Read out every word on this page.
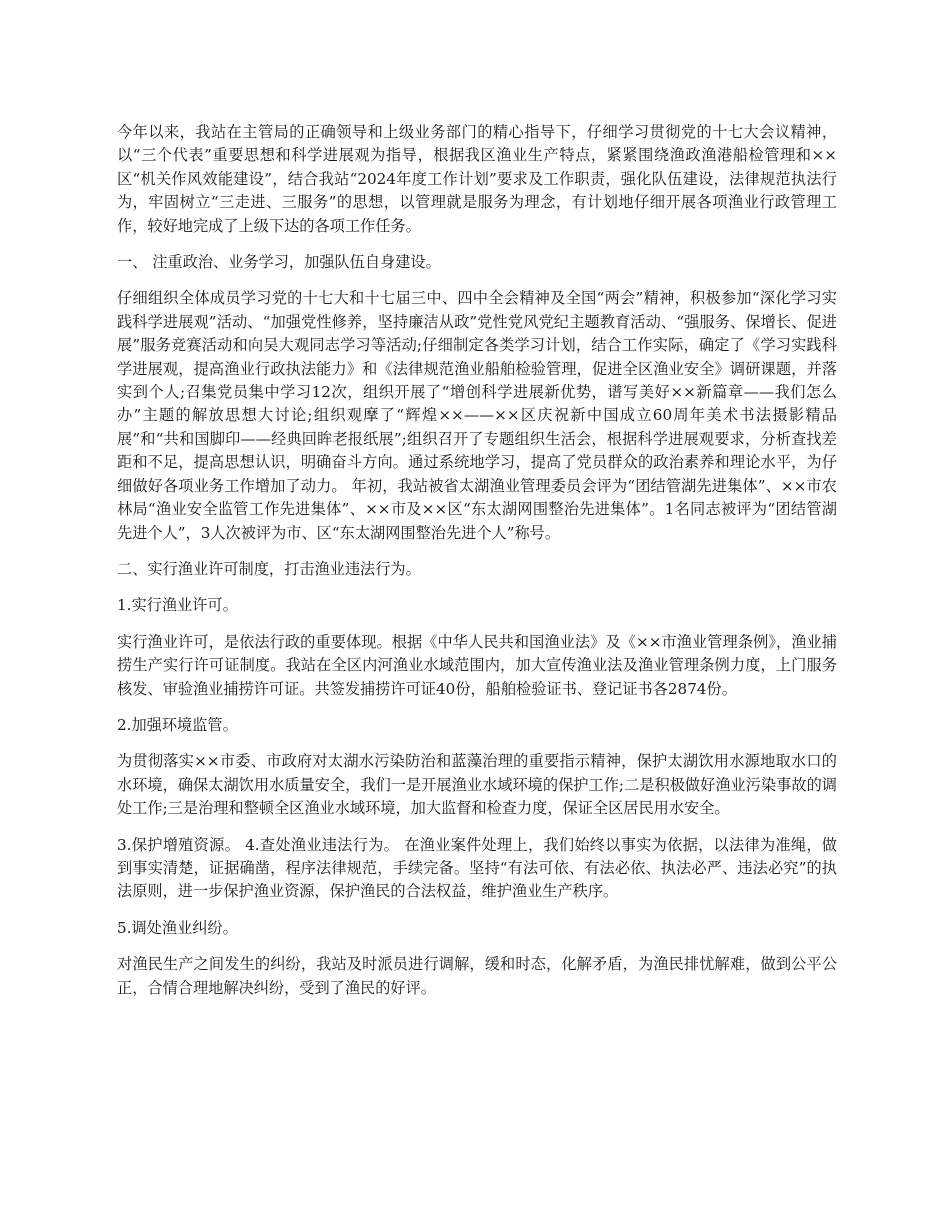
今年以来，我站在主管局的正确领导和上级业务部门的精心指导下，仔细学习贯彻党的十七大会议精神，以“三个代表”重要思想和科学进展观为指导，根据我区渔业生产特点，紧紧围绕渔政渔港船检管理和××区“机关作风效能建设”，结合我站“2024年度工作计划”要求及工作职责，强化队伍建设，法律规范执法行为，牢固树立“三走进、三服务”的思想，以管理就是服务为理念，有计划地仔细开展各项渔业行政管理工作，较好地完成了上级下达的各项工作任务。

一、 注重政治、业务学习，加强队伍自身建设。

仔细组织全体成员学习党的十七大和十七届三中、四中全会精神及全国“两会”精神，积极参加“深化学习实践科学进展观”活动、“加强党性修养，坚持廉洁从政”党性党风党纪主题教育活动、“强服务、保增长、促进展”服务竞赛活动和向吴大观同志学习等活动;仔细制定各类学习计划，结合工作实际，确定了《学习实践科学进展观，提高渔业行政执法能力》和《法律规范渔业船舶检验管理，促进全区渔业安全》调研课题，并落实到个人;召集党员集中学习12次，组织开展了“增创科学进展新优势，谱写美好××新篇章——我们怎么办”主题的解放思想大讨论;组织观摩了“辉煌××——××区庆祝新中国成立60周年美术书法摄影精品展”和“共和国脚印——经典回眸老报纸展”;组织召开了专题组织生活会，根据科学进展观要求，分析查找差距和不足，提高思想认识，明确奋斗方向。通过系统地学习，提高了党员群众的政治素养和理论水平，为仔细做好各项业务工作增加了动力。 年初，我站被省太湖渔业管理委员会评为“团结管湖先进集体”、××市农林局“渔业安全监管工作先进集体”、××市及××区“东太湖网围整治先进集体”。1名同志被评为“团结管湖先进个人”，3人次被评为市、区“东太湖网围整治先进个人”称号。

二、实行渔业许可制度，打击渔业违法行为。

1.实行渔业许可。

实行渔业许可，是依法行政的重要体现。根据《中华人民共和国渔业法》及《××市渔业管理条例》，渔业捕捞生产实行许可证制度。我站在全区内河渔业水域范围内，加大宣传渔业法及渔业管理条例力度，上门服务核发、审验渔业捕捞许可证。共签发捕捞许可证40份，船舶检验证书、登记证书各2874份。

2.加强环境监管。

为贯彻落实××市委、市政府对太湖水污染防治和蓝藻治理的重要指示精神，保护太湖饮用水源地取水口的水环境，确保太湖饮用水质量安全，我们一是开展渔业水域环境的保护工作;二是积极做好渔业污染事故的调处工作;三是治理和整顿全区渔业水域环境，加大监督和检查力度，保证全区居民用水安全。

3.保护增殖资源。 4.查处渔业违法行为。 在渔业案件处理上，我们始终以事实为依据，以法律为准绳，做到事实清楚，证据确凿，程序法律规范，手续完备。坚持“有法可依、有法必依、执法必严、违法必究”的执法原则，进一步保护渔业资源，保护渔民的合法权益，维护渔业生产秩序。

5.调处渔业纠纷。

对渔民生产之间发生的纠纷，我站及时派员进行调解，缓和时态，化解矛盾，为渔民排忧解难，做到公平公正，合情合理地解决纠纷，受到了渔民的好评。
